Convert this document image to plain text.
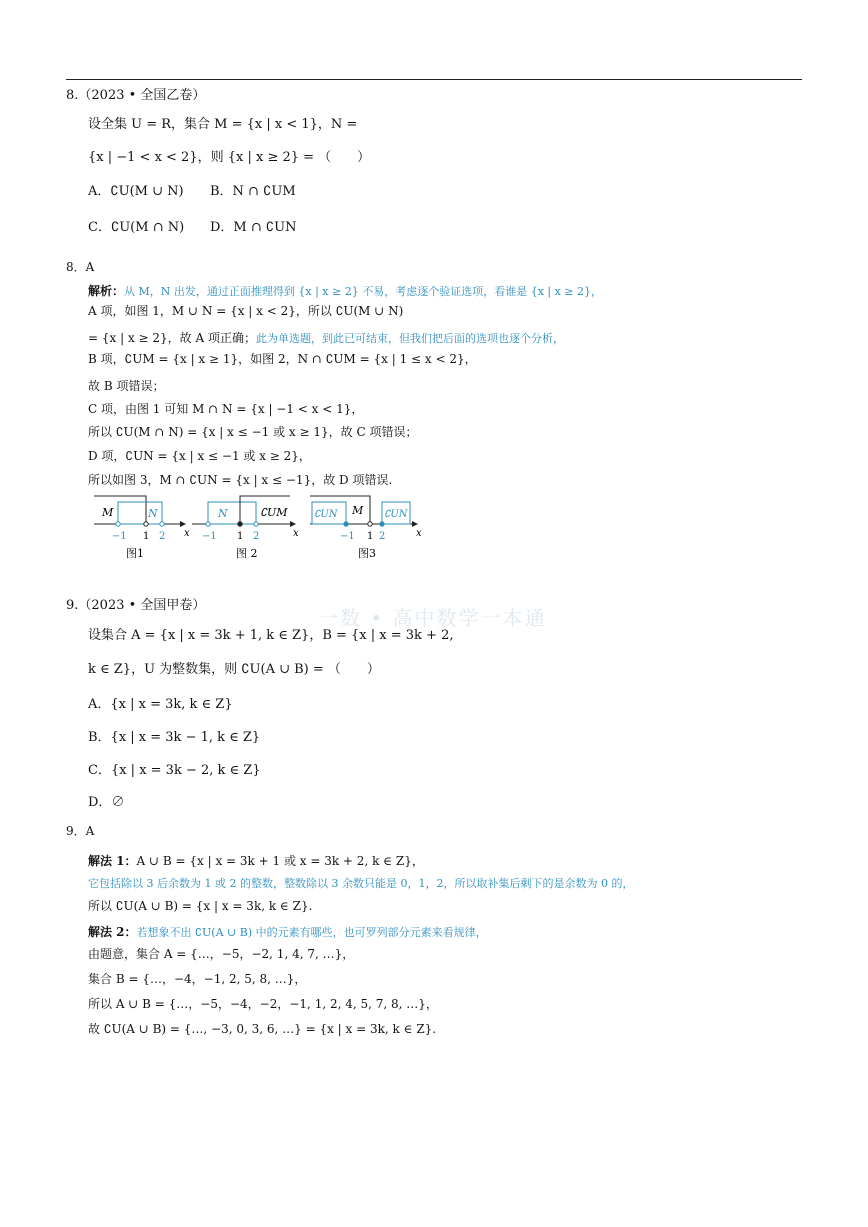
8.（2023 • 全国乙卷）
设全集 U = R，集合 M = {x | x < 1}，N =
{x | −1 < x < 2}，则 {x | x ≥ 2} = （　　）
A．∁U(M ∪ N) B．N ∩ ∁UM
C．∁U(M ∩ N) D．M ∩ ∁UN
8．A
解析：从 M，N 出发，通过正面推理得到 {x | x ≥ 2} 不易，考虑逐个验证选项，看谁是 {x | x ≥ 2}，
A 项，如图 1，M ∪ N = {x | x < 2}，所以 ∁U(M ∪ N)
= {x | x ≥ 2}，故 A 项正确；此为单选题，到此已可结束，但我们把后面的选项也逐个分析，
B 项，∁UM = {x | x ≥ 1}，如图 2，N ∩ ∁UM = {x | 1 ≤ x < 2}，
故 B 项错误；
C 项，由图 1 可知 M ∩ N = {x | −1 < x < 1}，
所以 ∁U(M ∩ N) = {x | x ≤ −1 或 x ≥ 1}，故 C 项错误；
D 项，∁UN = {x | x ≤ −1 或 x ≥ 2}，
所以如图 3，M ∩ ∁UN = {x | x ≤ −1}，故 D 项错误.
M	N
x
−1 1 2
图1
N	∁UM
x
−1 1 2
图 2
∁UN M ∁UN
x
−1 1 2
图3
一数 • 高中数学一本通
9.（2023 • 全国甲卷）
设集合 A = {x | x = 3k + 1, k ∈ Z}，B = {x | x = 3k + 2,
k ∈ Z}，U 为整数集，则 ∁U(A ∪ B) = （　　）
A．{x | x = 3k, k ∈ Z}
B．{x | x = 3k − 1, k ∈ Z}
C．{x | x = 3k − 2, k ∈ Z}
D．∅
9．A
解法 1：A ∪ B = {x | x = 3k + 1 或 x = 3k + 2, k ∈ Z}，
它包括除以 3 后余数为 1 或 2 的整数，整数除以 3 余数只能是 0，1，2，所以取补集后剩下的是余数为 0 的，
所以 ∁U(A ∪ B) = {x | x = 3k, k ∈ Z}.
解法 2：若想象不出 ∁U(A ∪ B) 中的元素有哪些，也可罗列部分元素来看规律，
由题意，集合 A = {…，−5，−2, 1, 4, 7, …}，
集合 B = {…，−4，−1, 2, 5, 8, …}，
所以 A ∪ B = {…，−5，−4，−2，−1, 1, 2, 4, 5, 7, 8, …}，
故 ∁U(A ∪ B) = {…, −3, 0, 3, 6, …} = {x | x = 3k, k ∈ Z}.
